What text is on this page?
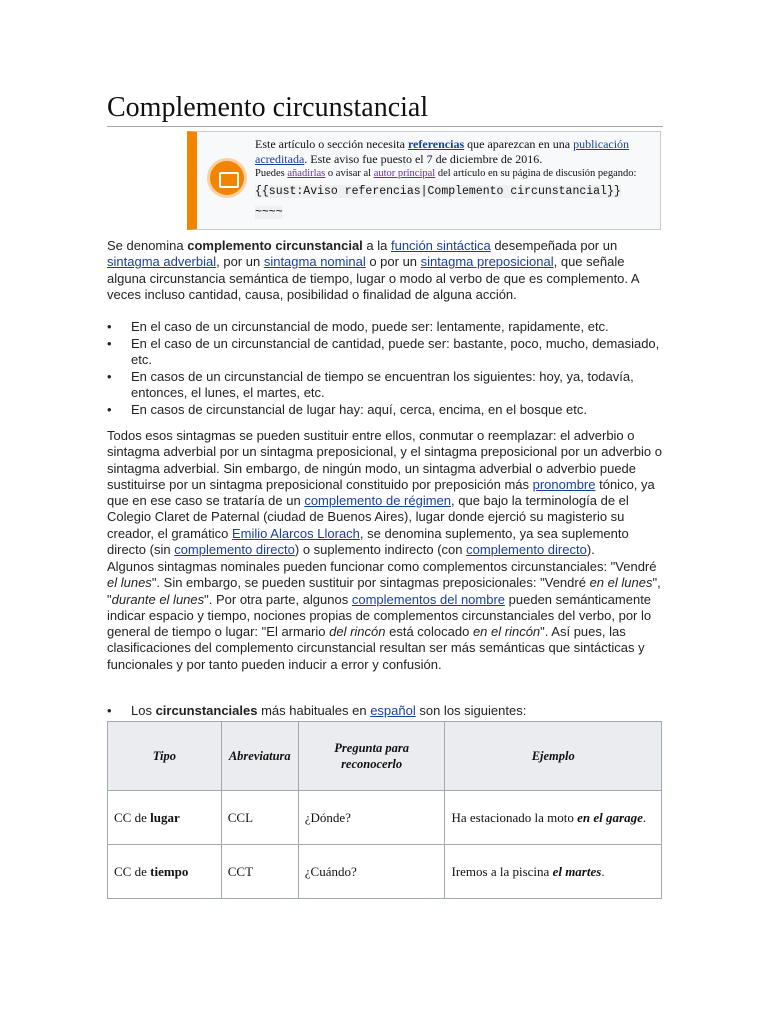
Complemento circunstancial
Este artículo o sección necesita referencias que aparezcan en una publicación acreditada. Este aviso fue puesto el 7 de diciembre de 2016.
Puedes añadirlas o avisar al autor principal del artículo en su página de discusión pegando: {{sust:Aviso referencias|Complemento circunstancial}} ~~~~

Se denomina complemento circunstancial a la función sintáctica desempeñada por un sintagma adverbial, por un sintagma nominal o por un sintagma preposicional, que señale alguna circunstancia semántica de tiempo, lugar o modo al verbo de que es complemento. A veces incluso cantidad, causa, posibilidad o finalidad de alguna acción.

• En el caso de un circunstancial de modo, puede ser: lentamente, rapidamente, etc.
• En el caso de un circunstancial de cantidad, puede ser: bastante, poco, mucho, demasiado, etc.
• En casos de un circunstancial de tiempo se encuentran los siguientes: hoy, ya, todavía, entonces, el lunes, el martes, etc.
• En casos de circunstancial de lugar hay: aquí, cerca, encima, en el bosque etc.

Todos esos sintagmas se pueden sustituir entre ellos, conmutar o reemplazar: el adverbio o sintagma adverbial por un sintagma preposicional, y el sintagma preposicional por un adverbio o sintagma adverbial. Sin embargo, de ningún modo, un sintagma adverbial o adverbio puede sustituirse por un sintagma preposicional constituido por preposición más pronombre tónico, ya que en ese caso se trataría de un complemento de régimen, que bajo la terminología de el Colegio Claret de Paternal (ciudad de Buenos Aires), lugar donde ejerció su magisterio su creador, el gramático Emilio Alarcos Llorach, se denomina suplemento, ya sea suplemento directo (sin complemento directo) o suplemento indirecto (con complemento directo).

Algunos sintagmas nominales pueden funcionar como complementos circunstanciales: "Vendré el lunes". Sin embargo, se pueden sustituir por sintagmas preposicionales: "Vendré en el lunes", "durante el lunes". Por otra parte, algunos complementos del nombre pueden semánticamente indicar espacio y tiempo, nociones propias de complementos circunstanciales del verbo, por lo general de tiempo o lugar: "El armario del rincón está colocado en el rincón". Así pues, las clasificaciones del complemento circunstancial resultan ser más semánticas que sintácticas y funcionales y por tanto pueden inducir a error y confusión.

• Los circunstanciales más habituales en español son los siguientes:
Tipo	Abreviatura	Pregunta para reconocerlo	Ejemplo
CC de lugar	CCL	¿Dónde?	Ha estacionado la moto en el garage.
CC de tiempo	CCT	¿Cuándo?	Iremos a la piscina el martes.
